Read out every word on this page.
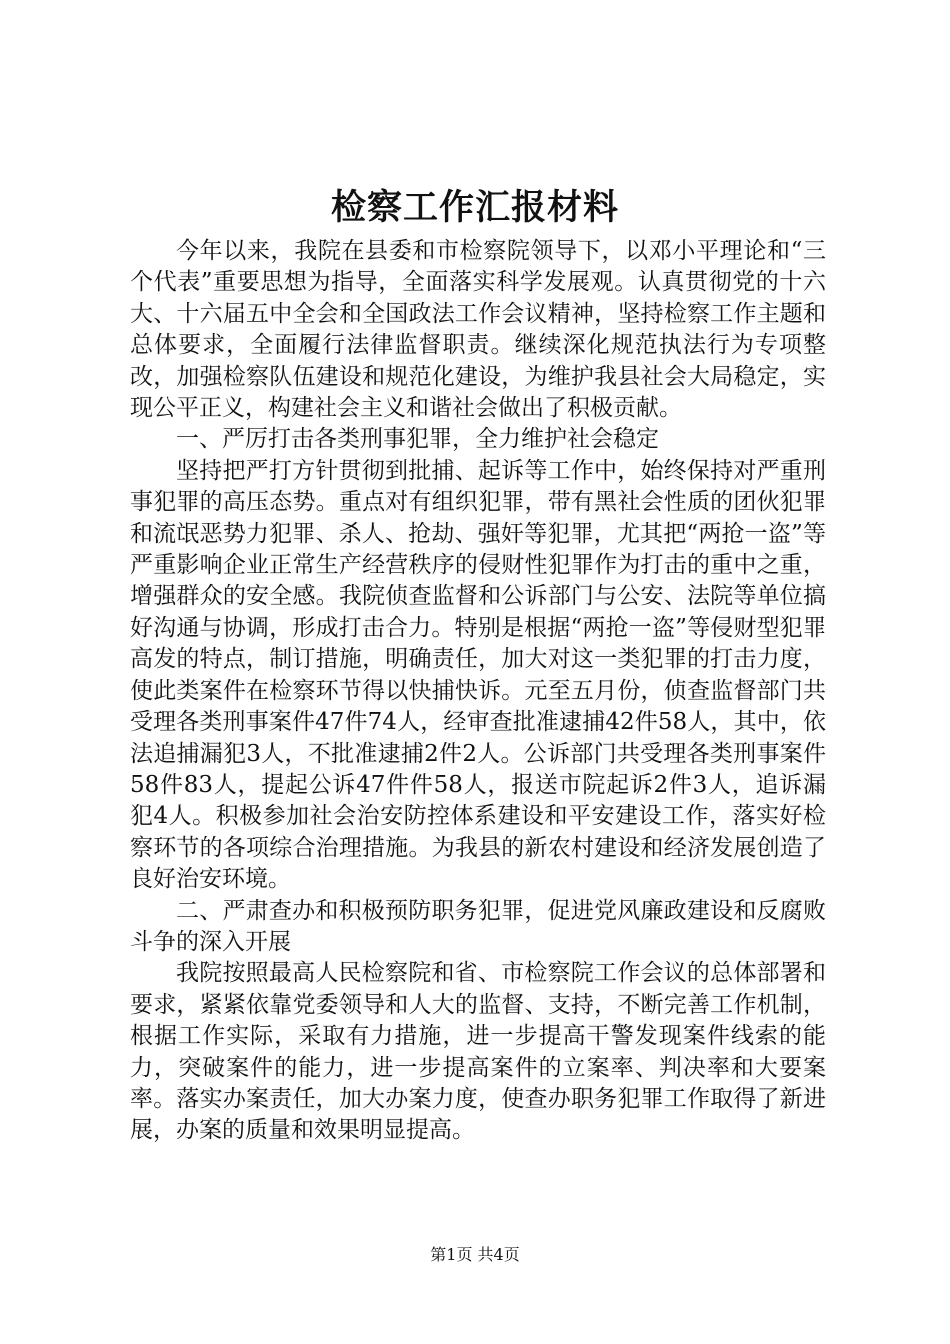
检察工作汇报材料

今年以来，我院在县委和市检察院领导下，以邓小平理论和“三个代表”重要思想为指导，全面落实科学发展观。认真贯彻党的十六大、十六届五中全会和全国政法工作会议精神，坚持检察工作主题和总体要求，全面履行法律监督职责。继续深化规范执法行为专项整改，加强检察队伍建设和规范化建设，为维护我县社会大局稳定，实现公平正义，构建社会主义和谐社会做出了积极贡献。

一、严厉打击各类刑事犯罪，全力维护社会稳定

坚持把严打方针贯彻到批捕、起诉等工作中，始终保持对严重刑事犯罪的高压态势。重点对有组织犯罪，带有黑社会性质的团伙犯罪和流氓恶势力犯罪、杀人、抢劫、强奸等犯罪，尤其把“两抢一盗”等严重影响企业正常生产经营秩序的侵财性犯罪作为打击的重中之重，增强群众的安全感。我院侦查监督和公诉部门与公安、法院等单位搞好沟通与协调，形成打击合力。特别是根据“两抢一盗”等侵财型犯罪高发的特点，制订措施，明确责任，加大对这一类犯罪的打击力度，使此类案件在检察环节得以快捕快诉。元至五月份，侦查监督部门共受理各类刑事案件47件74人，经审查批准逮捕42件58人，其中，依法追捕漏犯3人，不批准逮捕2件2人。公诉部门共受理各类刑事案件58件83人，提起公诉47件件58人，报送市院起诉2件3人，追诉漏犯4人。积极参加社会治安防控体系建设和平安建设工作，落实好检察环节的各项综合治理措施。为我县的新农村建设和经济发展创造了良好治安环境。

二、严肃查办和积极预防职务犯罪，促进党风廉政建设和反腐败斗争的深入开展

我院按照最高人民检察院和省、市检察院工作会议的总体部署和要求，紧紧依靠党委领导和人大的监督、支持，不断完善工作机制，根据工作实际，采取有力措施，进一步提高干警发现案件线索的能力，突破案件的能力，进一步提高案件的立案率、判决率和大要案率。落实办案责任，加大办案力度，使查办职务犯罪工作取得了新进展，办案的质量和效果明显提高。

第1页 共4页
